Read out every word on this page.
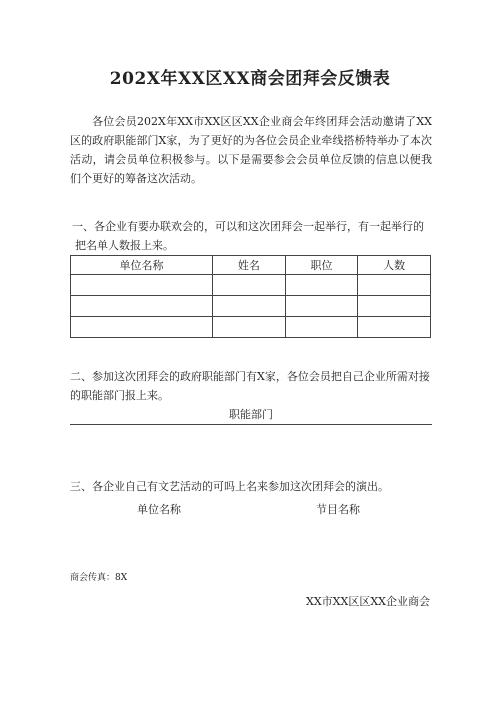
202X年XX区XX商会团拜会反馈表

各位会员202X年XX市XX区区XX企业商会年终团拜会活动邀请了XX区的政府职能部门X家，为了更好的为各位会员企业牵线搭桥特举办了本次活动，请会员单位积极参与。以下是需要参会会员单位反馈的信息以便我们个更好的筹备这次活动。

一、各企业有要办联欢会的，可以和这次团拜会一起举行，有一起举行的
把名单人数报上来。
单位名称	姓名	职位	人数

二、参加这次团拜会的政府职能部门有X家，各位会员把自己企业所需对接的职能部门报上来。

职能部门

三、各企业自己有文艺活动的可吗上名来参加这次团拜会的演出。

单位名称	节目名称
商会传真：8X
XX市XX区区XX企业商会
